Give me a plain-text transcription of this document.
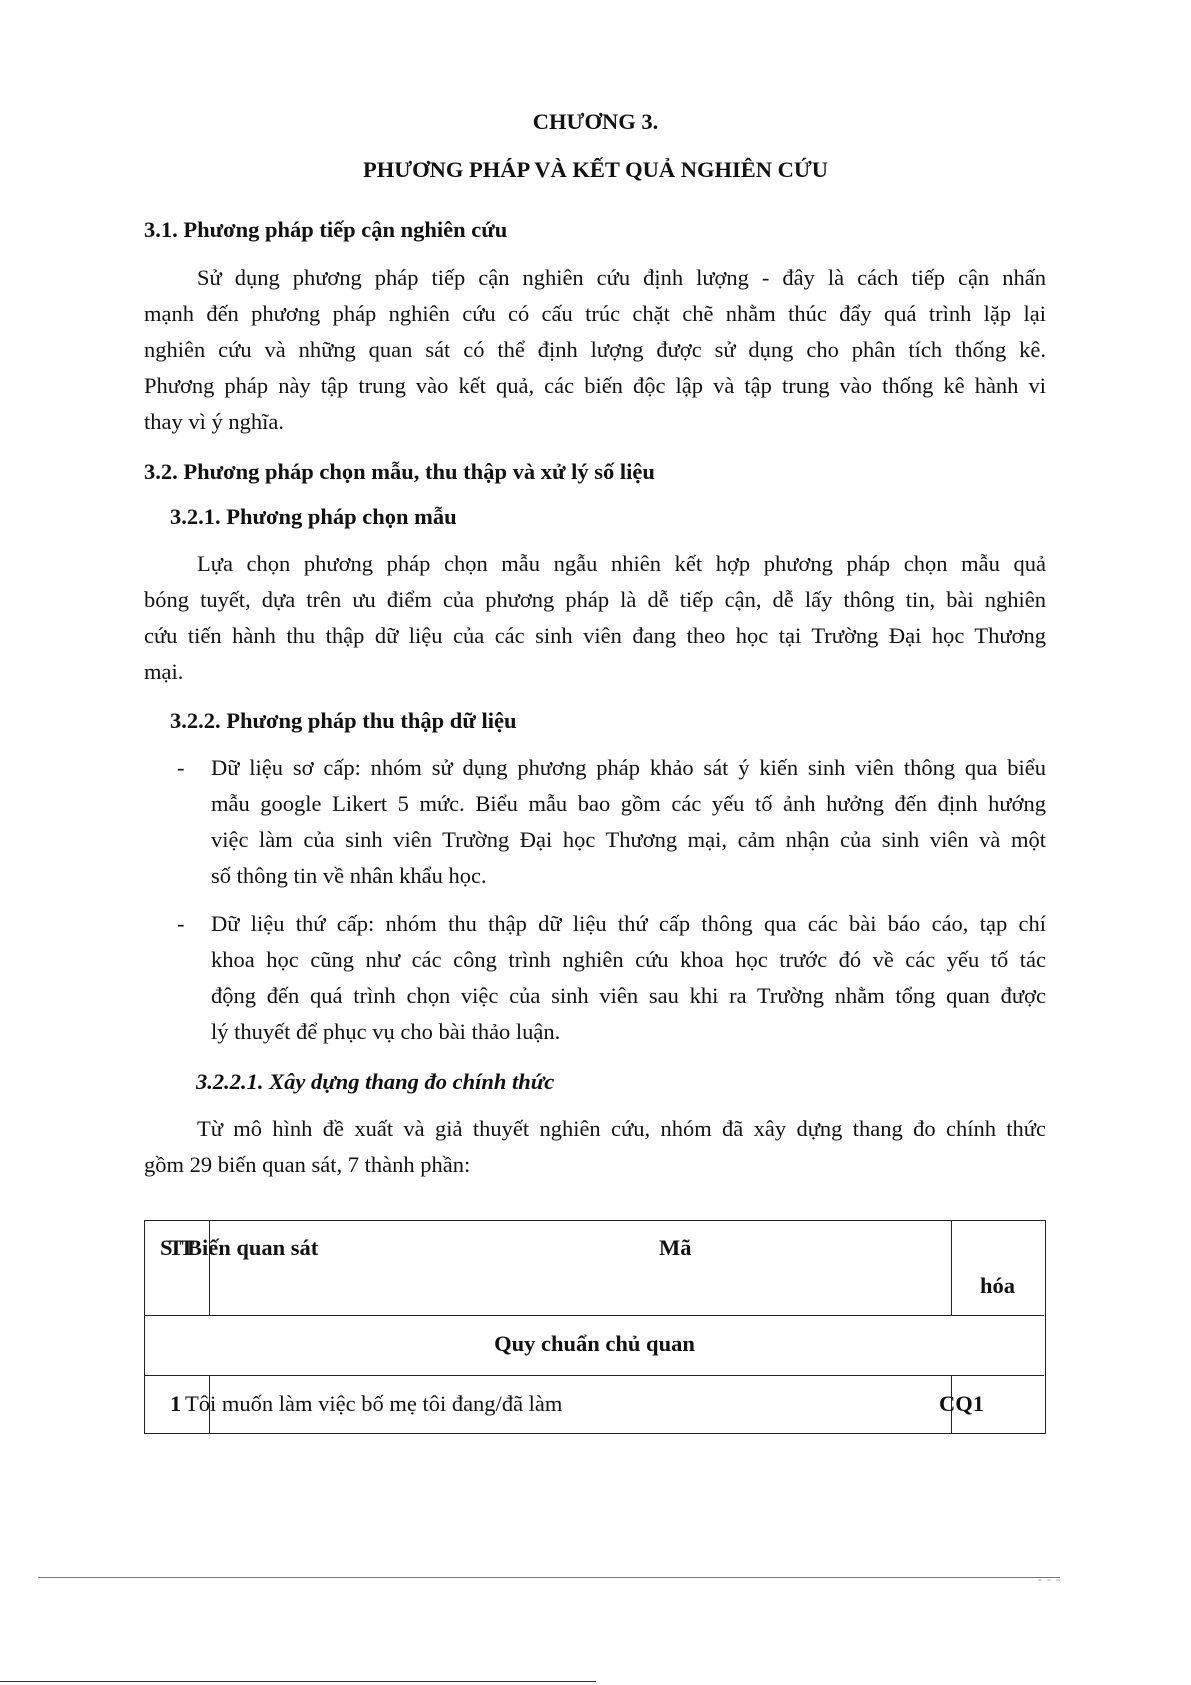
CHƯƠNG 3.
PHƯƠNG PHÁP VÀ KẾT QUẢ NGHIÊN CỨU
3.1. Phương pháp tiếp cận nghiên cứu
Sử dụng phương pháp tiếp cận nghiên cứu định lượng - đây là cách tiếp cận nhấn
mạnh đến phương pháp nghiên cứu có cấu trúc chặt chẽ nhằm thúc đẩy quá trình lặp lại
nghiên cứu và những quan sát có thể định lượng được sử dụng cho phân tích thống kê.
Phương pháp này tập trung vào kết quả, các biến độc lập và tập trung vào thống kê hành vi
thay vì ý nghĩa.
3.2. Phương pháp chọn mẫu, thu thập và xử lý số liệu
3.2.1. Phương pháp chọn mẫu
Lựa chọn phương pháp chọn mẫu ngẫu nhiên kết hợp phương pháp chọn mẫu quả
bóng tuyết, dựa trên ưu điểm của phương pháp là dễ tiếp cận, dễ lấy thông tin, bài nghiên
cứu tiến hành thu thập dữ liệu của các sinh viên đang theo học tại Trường Đại học Thương
mại.
3.2.2. Phương pháp thu thập dữ liệu
- Dữ liệu sơ cấp: nhóm sử dụng phương pháp khảo sát ý kiến sinh viên thông qua biểu
mẫu google Likert 5 mức. Biểu mẫu bao gồm các yếu tố ảnh hưởng đến định hướng
việc làm của sinh viên Trường Đại học Thương mại, cảm nhận của sinh viên và một
số thông tin về nhân khẩu học.
- Dữ liệu thứ cấp: nhóm thu thập dữ liệu thứ cấp thông qua các bài báo cáo, tạp chí
khoa học cũng như các công trình nghiên cứu khoa học trước đó về các yếu tố tác
động đến quá trình chọn việc của sinh viên sau khi ra Trường nhằm tổng quan được
lý thuyết để phục vụ cho bài thảo luận.
3.2.2.1. Xây dựng thang đo chính thức
Từ mô hình đề xuất và giả thuyết nghiên cứu, nhóm đã xây dựng thang đo chính thức
gồm 29 biến quan sát, 7 thành phần:
STT
Biến quan sát	Mã
hóa
Quy chuẩn chủ quan
1 Tôi muốn làm việc bố mẹ tôi đang/đã làm	CQ1
- - -
